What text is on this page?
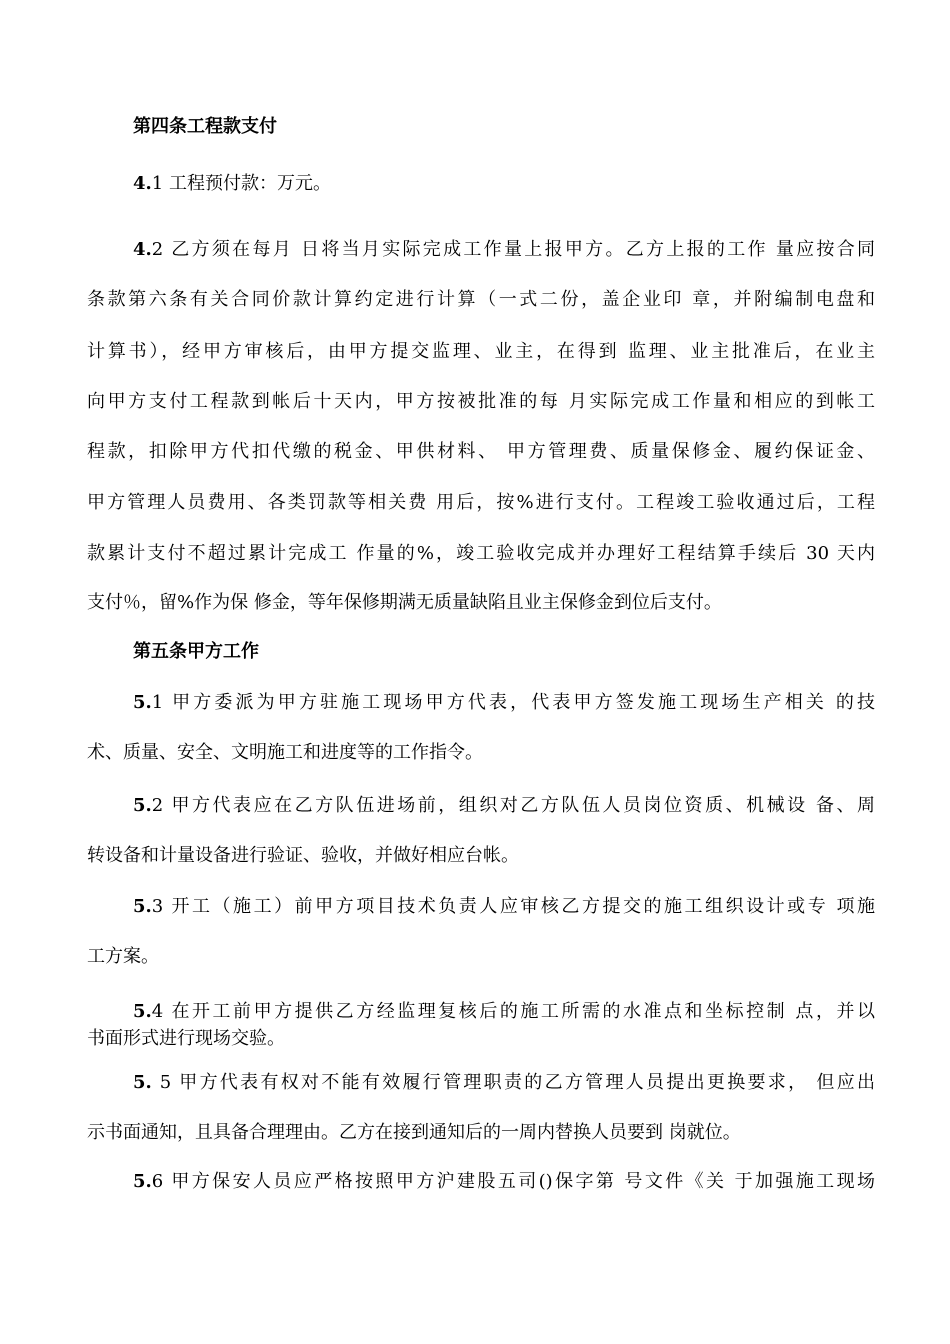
第四条工程款支付
4.1 工程预付款：万元。
4.2 乙方须在每月 日将当月实际完成工作量上报甲方。乙方上报的工作 量应按合同
条款第六条有关合同价款计算约定进行计算（一式二份，盖企业印 章，并附编制电盘和
计算书），经甲方审核后，由甲方提交监理、业主，在得到 监理、业主批准后，在业主
向甲方支付工程款到帐后十天内，甲方按被批准的每 月实际完成工作量和相应的到帐工
程款，扣除甲方代扣代缴的税金、甲供材料、 甲方管理费、质量保修金、履约保证金、
甲方管理人员费用、各类罚款等相关费 用后，按%进行支付。工程竣工验收通过后，工程
款累计支付不超过累计完成工 作量的%，竣工验收完成并办理好工程结算手续后 30 天内
支付％，留%作为保 修金，等年保修期满无质量缺陷且业主保修金到位后支付。
第五条甲方工作
5.1 甲方委派为甲方驻施工现场甲方代表，代表甲方签发施工现场生产相关 的技
术、质量、安全、文明施工和进度等的工作指令。
5.2 甲方代表应在乙方队伍进场前，组织对乙方队伍人员岗位资质、机械设 备、周
转设备和计量设备进行验证、验收，并做好相应台帐。
5.3 开工（施工）前甲方项目技术负责人应审核乙方提交的施工组织设计或专 项施
工方案。
5.4 在开工前甲方提供乙方经监理复核后的施工所需的水准点和坐标控制 点，并以
书面形式进行现场交验。
5. 5 甲方代表有权对不能有效履行管理职责的乙方管理人员提出更换要求， 但应出
示书面通知，且具备合理理由。乙方在接到通知后的一周内替换人员要到 岗就位。
5.6 甲方保安人员应严格按照甲方沪建股五司()保字第 号文件《关 于加强施工现场
